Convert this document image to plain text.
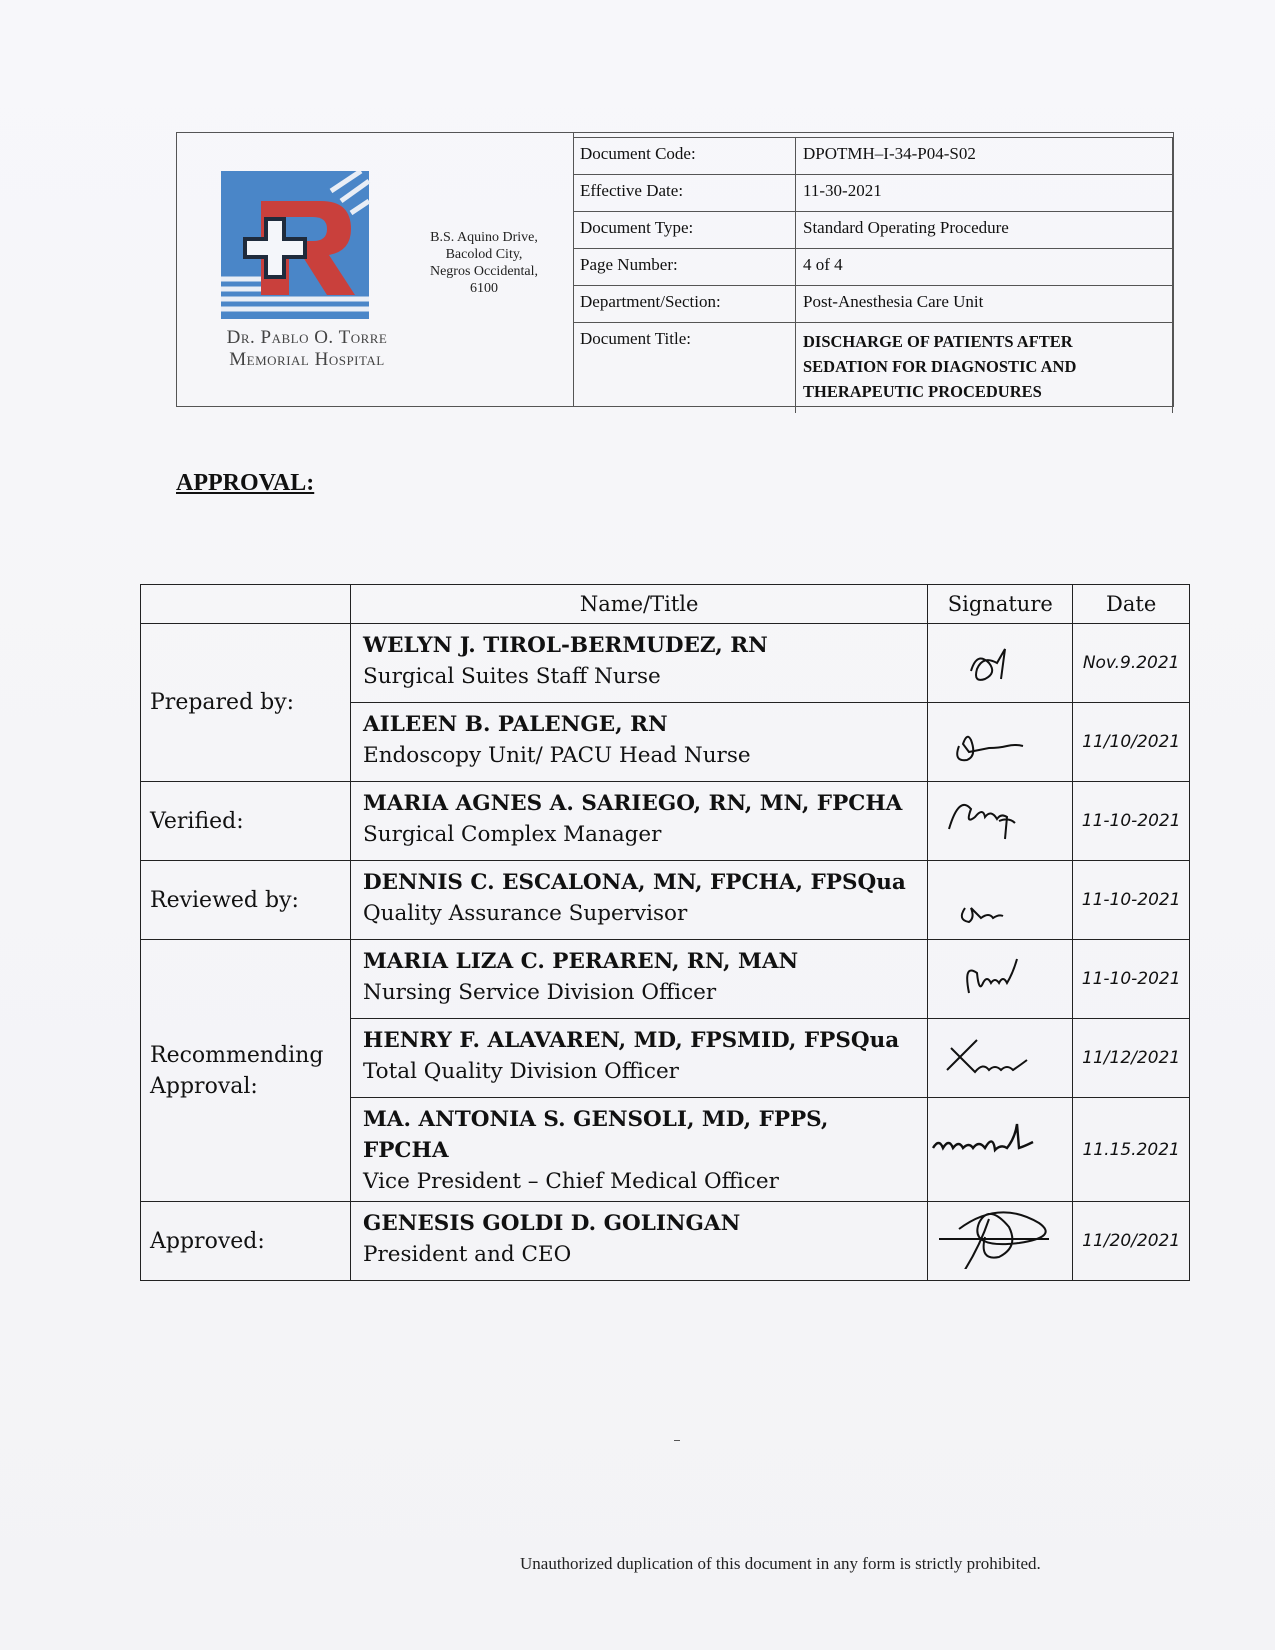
Dr. Pablo O. Torre
Memorial Hospital
B.S. Aquino Drive,
Bacolod City,
Negros Occidental,
6100
Document Code:	DPOTMH–I-34-P04-S02
Effective Date:	11-30-2021
Document Type:	Standard Operating Procedure
Page Number:	4 of 4
Department/Section:	Post-Anesthesia Care Unit
Document Title:	DISCHARGE OF PATIENTS AFTER
SEDATION FOR DIAGNOSTIC AND
THERAPEUTIC PROCEDURES
APPROVAL:
	Name/Title	Signature	Date
Prepared by:	WELYN J. TIROL-BERMUDEZ, RN
Surgical Suites Staff Nurse		Nov.9.2021

	AILEEN B. PALENGE, RN
Endoscopy Unit/ PACU Head Nurse		11/10/2021

Verified:	MARIA AGNES A. SARIEGO, RN, MN, FPCHA
Surgical Complex Manager		11-10-2021

Reviewed by:	DENNIS C. ESCALONA, MN, FPCHA, FPSQua
Quality Assurance Supervisor		11-10-2021

Recommending
Approval:	MARIA LIZA C. PERAREN, RN, MAN
Nursing Service Division Officer		11-10-2021

	HENRY F. ALAVAREN, MD, FPSMID, FPSQua
Total Quality Division Officer		11/12/2021

	MA. ANTONIA S. GENSOLI, MD, FPPS, FPCHA
Vice President – Chief Medical Officer		11.15.2021

Approved:	GENESIS GOLDI D. GOLINGAN
President and CEO		11/20/2021
Unauthorized duplication of this document in any form is strictly prohibited.
